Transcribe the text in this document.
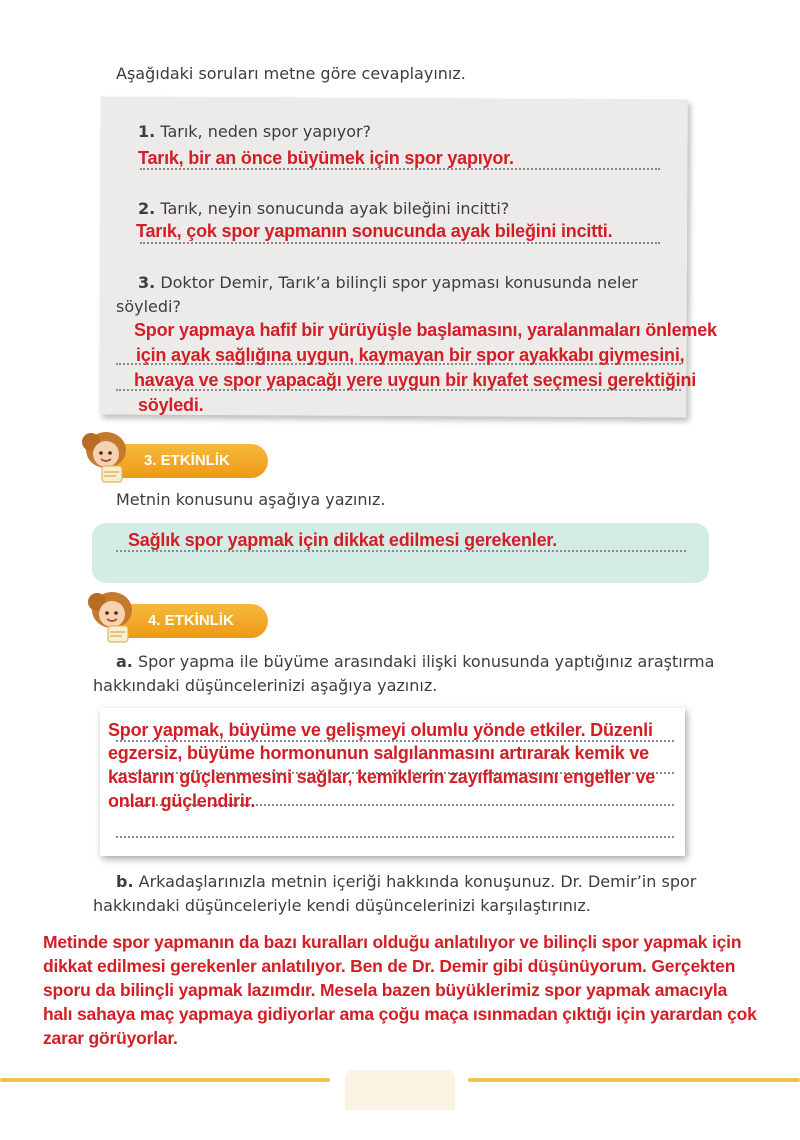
Aşağıdaki soruları metne göre cevaplayınız.
1. Tarık, neden spor yapıyor?
Tarık, bir an önce büyümek için spor yapıyor.
2. Tarık, neyin sonucunda ayak bileğini incitti?
Tarık, çok spor yapmanın sonucunda ayak bileğini incitti.
3. Doktor Demir, Tarık’a bilinçli spor yapması konusunda neler
söyledi?
Spor yapmaya hafif bir yürüyüşle başlamasını, yaralanmaları önlemek
için ayak sağlığına uygun, kaymayan bir spor ayakkabı giymesini,
havaya ve spor yapacağı yere uygun bir kıyafet seçmesi gerektiğini
söyledi.
3. ETKİNLİK
Metnin konusunu aşağıya yazınız.
Sağlık spor yapmak için dikkat edilmesi gerekenler.
4. ETKİNLİK
a. Spor yapma ile büyüme arasındaki ilişki konusunda yaptığınız araştırma
hakkındaki düşüncelerinizi aşağıya yazınız.
Spor yapmak, büyüme ve gelişmeyi olumlu yönde etkiler. Düzenli
egzersiz, büyüme hormonunun salgılanmasını artırarak kemik ve
kasların güçlenmesini sağlar, kemiklerin zayıflamasını engeller ve
onları güçlendirir.
b. Arkadaşlarınızla metnin içeriği hakkında konuşunuz. Dr. Demir’in spor
hakkındaki düşünceleriyle kendi düşüncelerinizi karşılaştırınız.
Metinde spor yapmanın da bazı kuralları olduğu anlatılıyor ve bilinçli spor yapmak için
dikkat edilmesi gerekenler anlatılıyor. Ben de Dr. Demir gibi düşünüyorum. Gerçekten
sporu da bilinçli yapmak lazımdır. Mesela bazen büyüklerimiz spor yapmak amacıyla
halı sahaya maç yapmaya gidiyorlar ama çoğu maça ısınmadan çıktığı için yarardan çok
zarar görüyorlar.
